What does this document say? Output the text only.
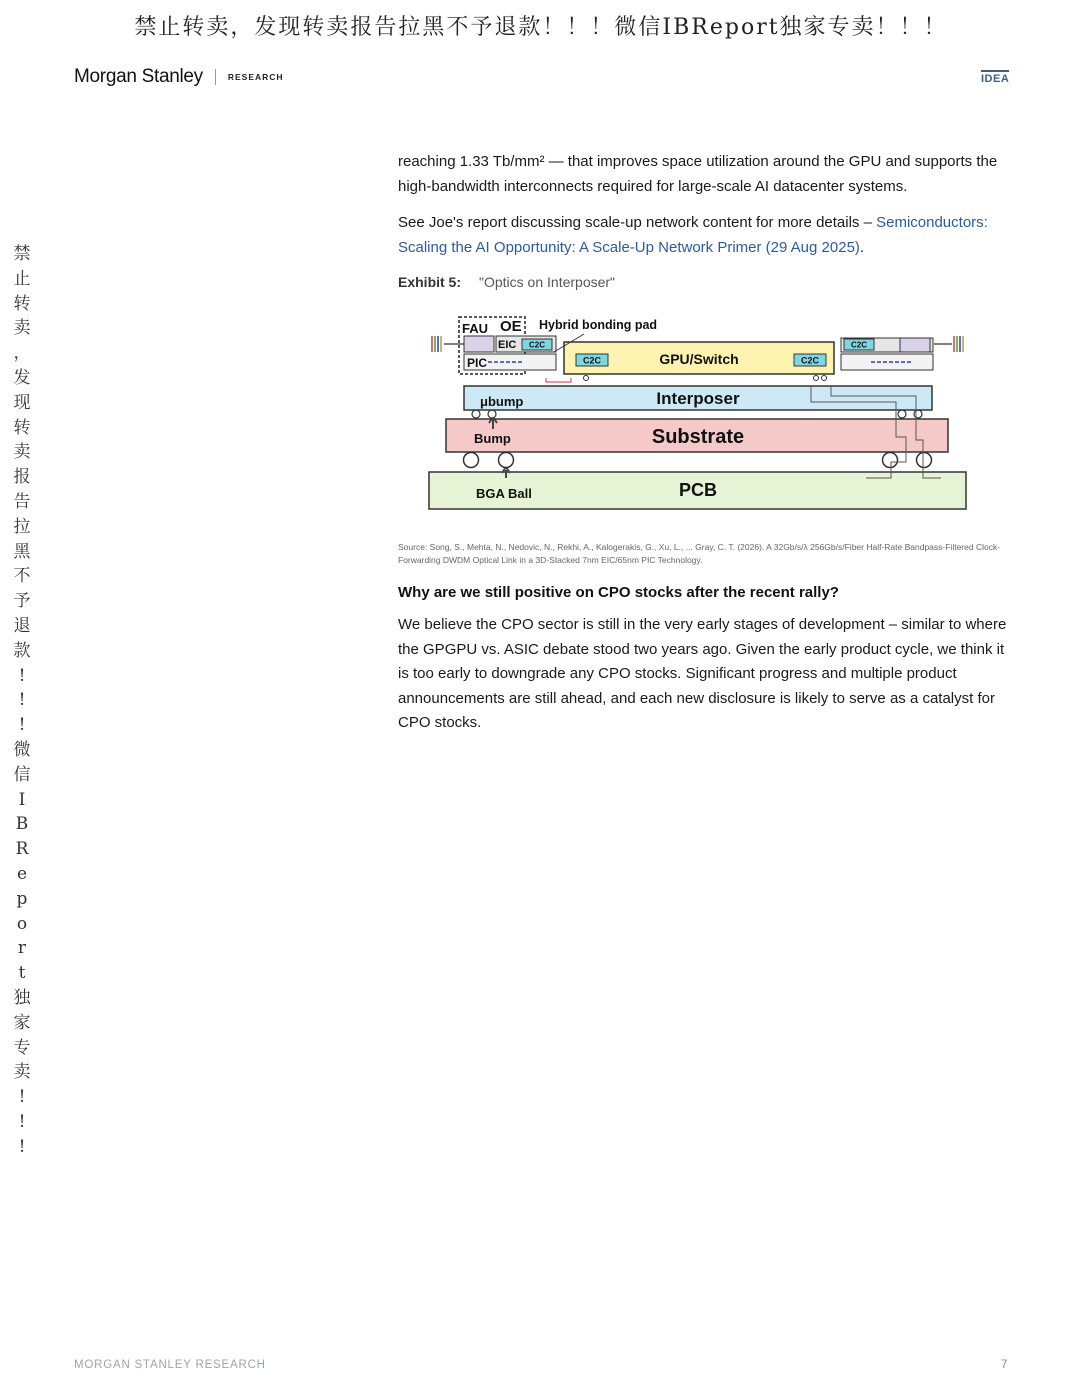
禁止转卖，发现转卖报告拉黑不予退款！！！微信IBReport独家专卖！！！
禁
止
转
卖
，
发
现
转
卖
报
告
拉
黑
不
予
退
款
!
!
!
微
信
I
B
R
e
p
o
r
t
独
家
专
卖
!
!
!
Morgan Stanley	RESEARCH	IDEA

reaching 1.33 Tb/mm² — that improves space utilization around the GPU and supports the high-bandwidth interconnects required for large-scale AI datacenter systems.

See Joe's report discussing scale-up network content for more details – Semiconductors: Scaling the AI Opportunity: A Scale-Up Network Primer (29 Aug 2025).

Exhibit 5: "Optics on Interposer"
PCB
BGA Ball
Substrate
Bump
Interposer
μbump
GPU/Switch
C2C	C2C
FAU OE
EIC C2C
PIC
Hybrid bonding pad
C2C
Source: Song, S., Mehta, N., Nedovic, N., Rekhi, A., Kalogerakis, G., Xu, L., ... Gray, C. T. (2026). A 32Gb/s/λ 256Gb/s/Fiber Half-Rate Bandpass-Filtered Clock-Forwarding DWDM Optical Link in a 3D-Stacked 7nm EIC/65nm PIC Technology.
Why are we still positive on CPO stocks after the recent rally?

We believe the CPO sector is still in the very early stages of development – similar to where the GPGPU vs. ASIC debate stood two years ago. Given the early product cycle, we think it is too early to downgrade any CPO stocks. Significant progress and multiple product announcements are still ahead, and each new disclosure is likely to serve as a catalyst for CPO stocks.

MORGAN STANLEY RESEARCH	7
